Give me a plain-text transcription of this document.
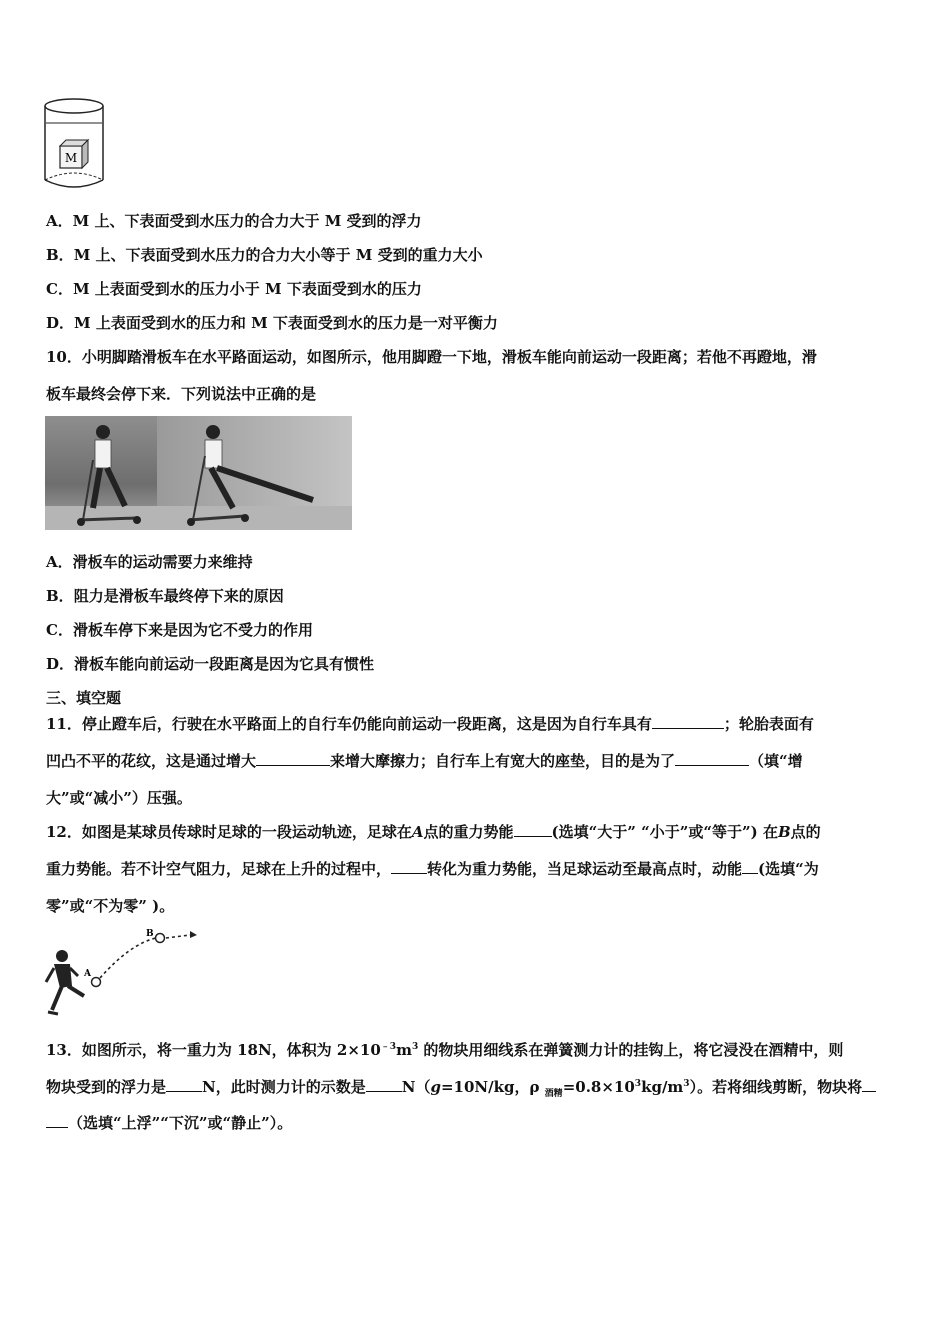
M
A．M 上、下表面受到水压力的合力大于 M 受到的浮力
B．M 上、下表面受到水压力的合力大小等于 M 受到的重力大小
C．M 上表面受到水的压力小于 M 下表面受到水的压力
D．M 上表面受到水的压力和 M 下表面受到水的压力是一对平衡力
10．小明脚踏滑板车在水平路面运动，如图所示，他用脚蹬一下地，滑板车能向前运动一段距离；若他不再蹬地，滑
板车最终会停下来．下列说法中正确的是
A．滑板车的运动需要力来维持
B．阻力是滑板车最终停下来的原因
C．滑板车停下来是因为它不受力的作用
D．滑板车能向前运动一段距离是因为它具有惯性
三、填空题
11．停止蹬车后，行驶在水平路面上的自行车仍能向前运动一段距离，这是因为自行车具有	；轮胎表面有
凹凸不平的花纹，这是通过增大	来增大摩擦力；自行车上有宽大的座垫，目的是为了	（填“增
大”或“减小”）压强。
12．如图是某球员传球时足球的一段运动轨迹，足球在A点的重力势能	(选填“大于” “小于”或“等于”) 在B点的
重力势能。若不计空气阻力，足球在上升的过程中， 转化为重力势能，当足球运动至最高点时，动能 (选填“为
零”或“不为零” )。
A
B
13．如图所示，将一重力为 18N，体积为 $2\times 10^{﹣3}m^3$ 的物块用细线系在弹簧测力计的挂钩上，将它浸没在酒精中，则
物块受到的浮力是 N，此时测力计的示数是 N（g=10N/kg，ρ $_{酒精}=0.8\times 10^3kg/m^3$）。若将细线剪断，物块将
（选填“上浮”“下沉”或“静止”）。
